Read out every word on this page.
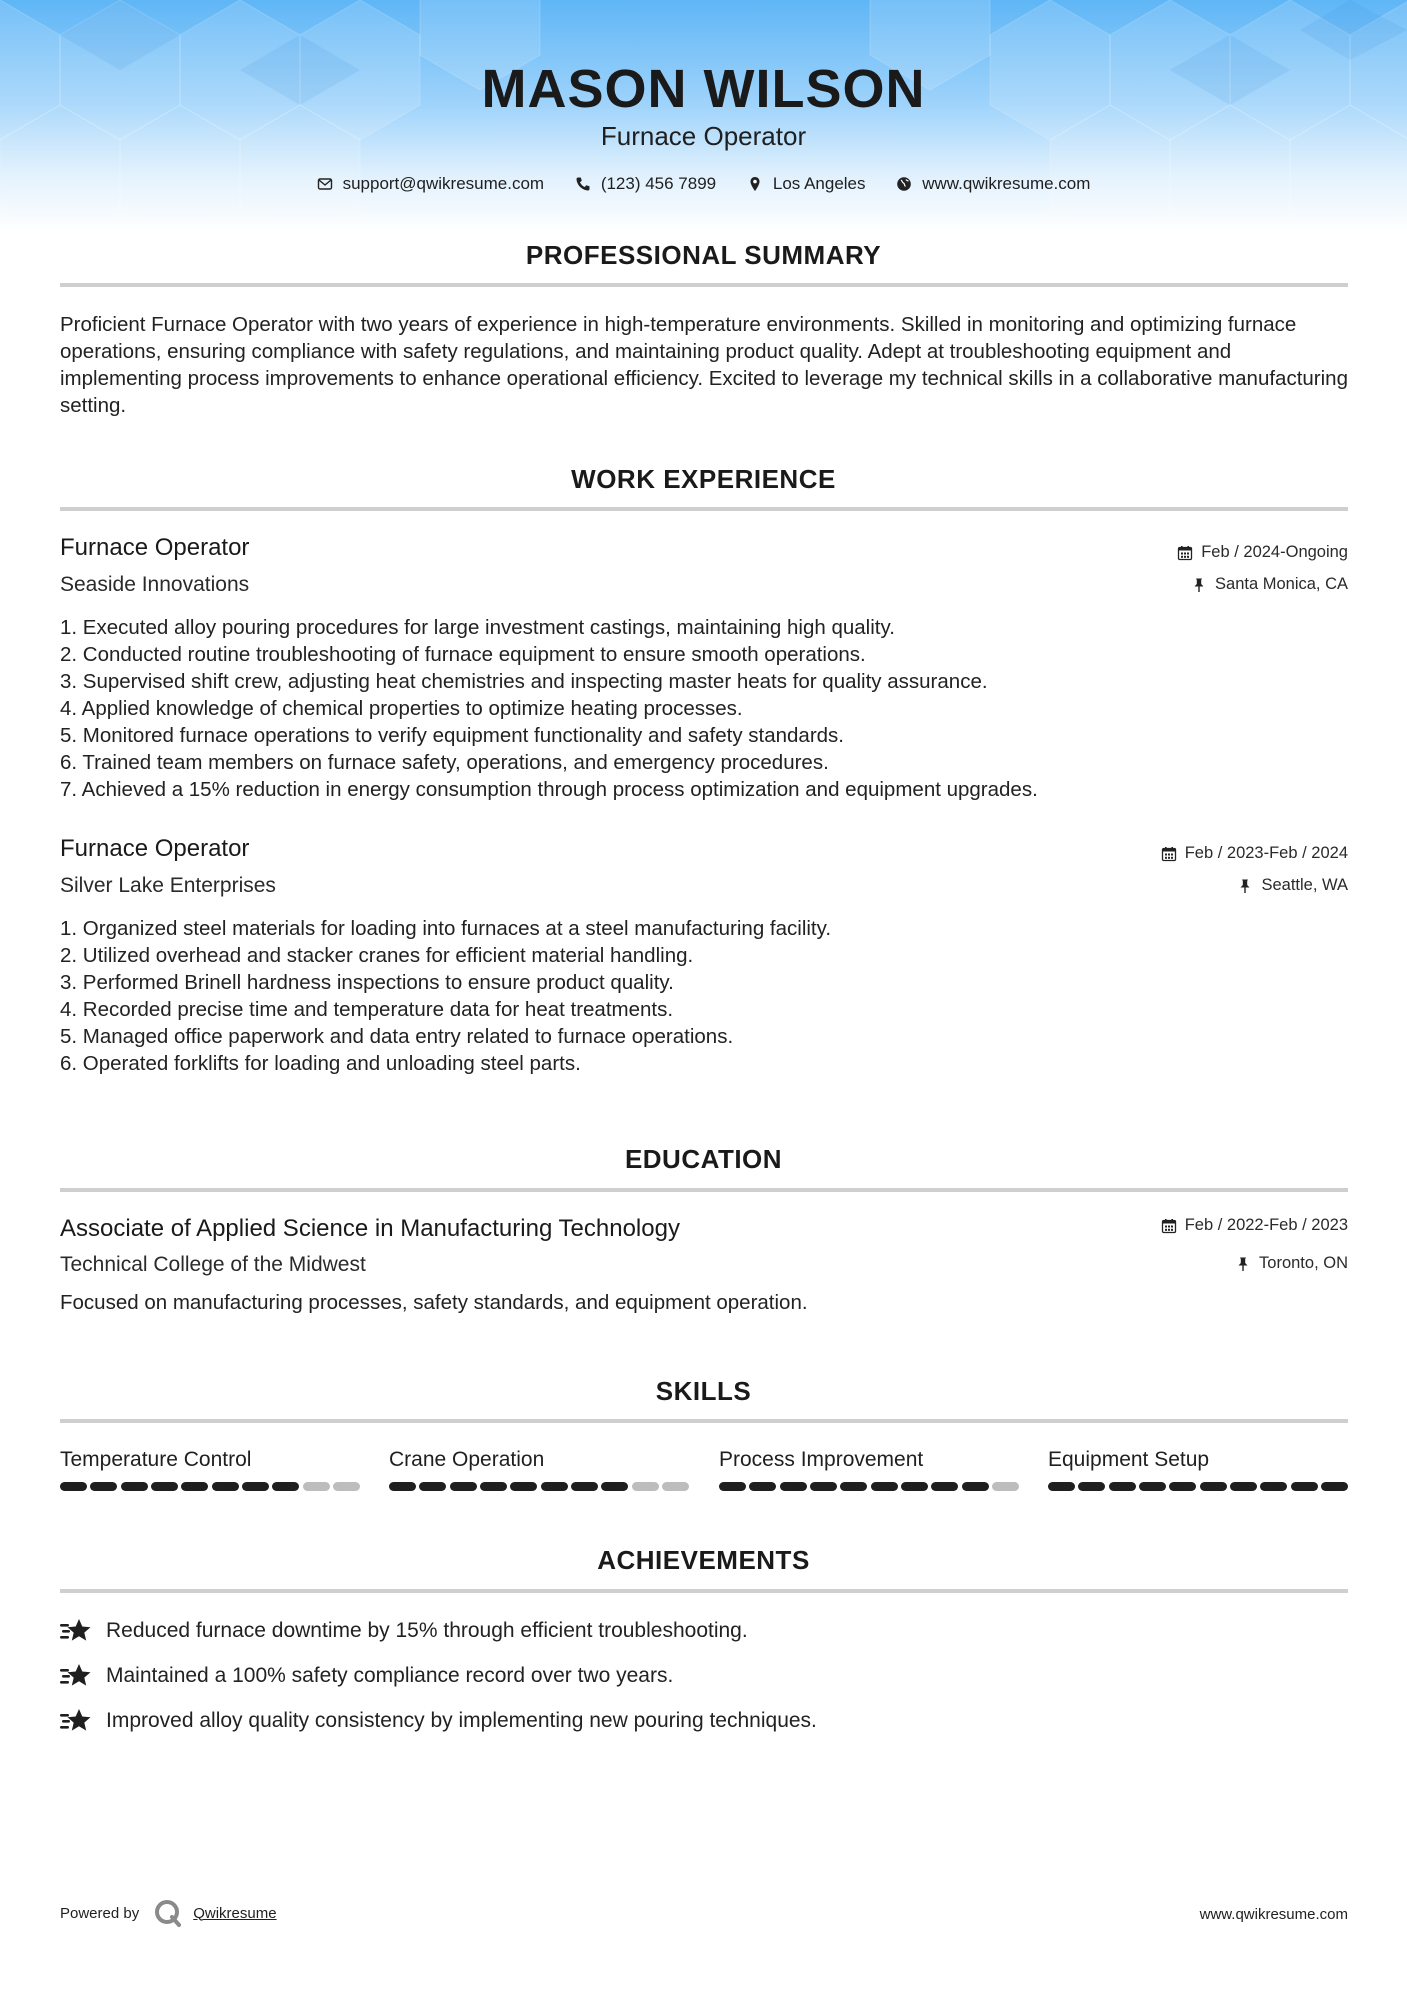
MASON WILSON
Furnace Operator
support@qwikresume.com	(123) 456 7899	Los Angeles	www.qwikresume.com
PROFESSIONAL SUMMARY
Proficient Furnace Operator with two years of experience in high-temperature environments. Skilled in monitoring and optimizing furnace operations, ensuring compliance with safety regulations, and maintaining product quality. Adept at troubleshooting equipment and implementing process improvements to enhance operational efficiency. Excited to leverage my technical skills in a collaborative manufacturing setting.
WORK EXPERIENCE
Furnace Operator	Feb / 2024-Ongoing
Seaside Innovations	Santa Monica, CA
1. Executed alloy pouring procedures for large investment castings, maintaining high quality.
2. Conducted routine troubleshooting of furnace equipment to ensure smooth operations.
3. Supervised shift crew, adjusting heat chemistries and inspecting master heats for quality assurance.
4. Applied knowledge of chemical properties to optimize heating processes.
5. Monitored furnace operations to verify equipment functionality and safety standards.
6. Trained team members on furnace safety, operations, and emergency procedures.
7. Achieved a 15% reduction in energy consumption through process optimization and equipment upgrades.
Furnace Operator	Feb / 2023-Feb / 2024
Silver Lake Enterprises	Seattle, WA
1. Organized steel materials for loading into furnaces at a steel manufacturing facility.
2. Utilized overhead and stacker cranes for efficient material handling.
3. Performed Brinell hardness inspections to ensure product quality.
4. Recorded precise time and temperature data for heat treatments.
5. Managed office paperwork and data entry related to furnace operations.
6. Operated forklifts for loading and unloading steel parts.
EDUCATION
Associate of Applied Science in Manufacturing Technology	Feb / 2022-Feb / 2023
Technical College of the Midwest	Toronto, ON
Focused on manufacturing processes, safety standards, and equipment operation.
SKILLS
Temperature Control	Crane Operation	Process Improvement	Equipment Setup
ACHIEVEMENTS
Reduced furnace downtime by 15% through efficient troubleshooting.
Maintained a 100% safety compliance record over two years.
Improved alloy quality consistency by implementing new pouring techniques.
Powered by	Qwikresume	www.qwikresume.com
